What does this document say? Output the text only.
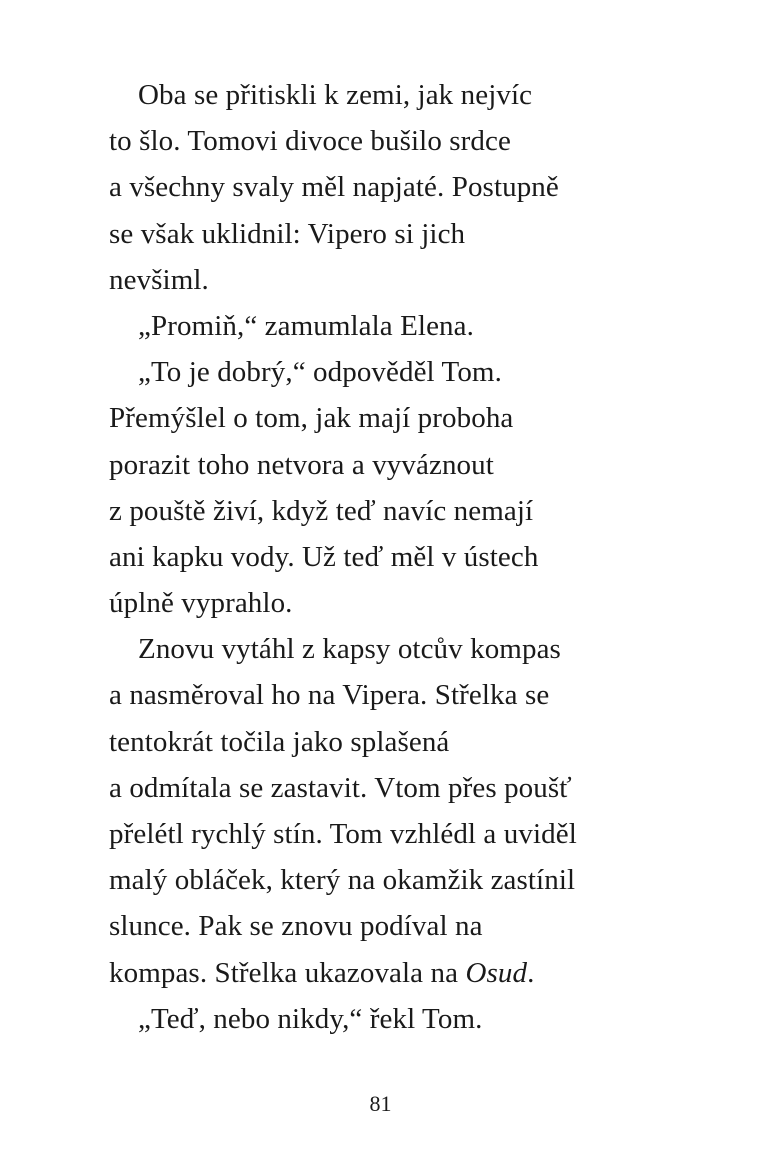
Oba se přitiskli k zemi, jak nejvíc
to šlo. Tomovi divoce bušilo srdce
a všechny svaly měl napjaté. Postupně
se však uklidnil: Vipero si jich
nevšiml.
„Promiň,“ zamumlala Elena.
„To je dobrý,“ odpověděl Tom.
Přemýšlel o tom, jak mají proboha
porazit toho netvora a vyváznout
z pouště živí, když teď navíc nemají
ani kapku vody. Už teď měl v ústech
úplně vyprahlo.
Znovu vytáhl z kapsy otcův kompas
a nasměroval ho na Vipera. Střelka se
tentokrát točila jako splašená
a odmítala se zastavit. Vtom přes poušť
přelétl rychlý stín. Tom vzhlédl a uviděl
malý obláček, který na okamžik zastínil
slunce. Pak se znovu podíval na
kompas. Střelka ukazovala na Osud.
„Teď, nebo nikdy,“ řekl Tom.
81
